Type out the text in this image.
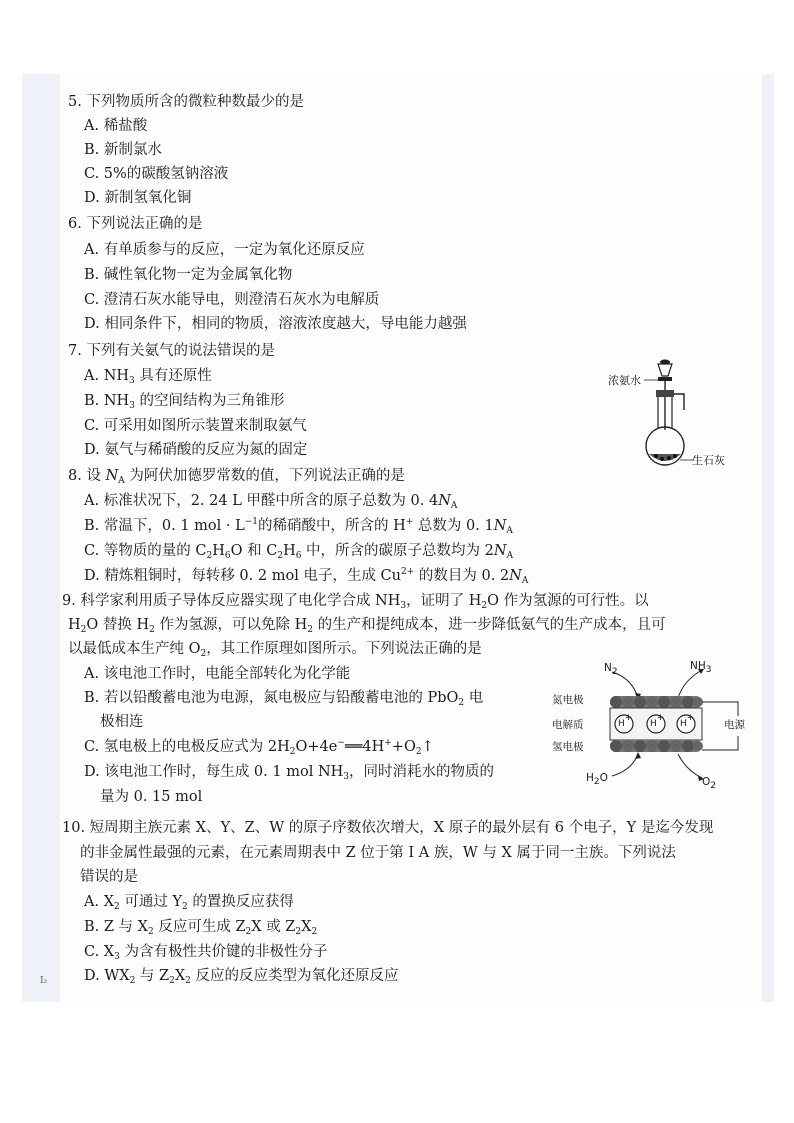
5. 下列物质所含的微粒种数最少的是
A. 稀盐酸
B. 新制氯水
C. 5%的碳酸氢钠溶液
D. 新制氢氧化铜
6. 下列说法正确的是
A. 有单质参与的反应，一定为氧化还原反应
B. 碱性氧化物一定为金属氧化物
C. 澄清石灰水能导电，则澄清石灰水为电解质
D. 相同条件下，相同的物质，溶液浓度越大，导电能力越强
7. 下列有关氨气的说法错误的是
A. $NH_3$ 具有还原性
B. $NH_3$ 的空间结构为三角锥形
C. 可采用如图所示装置来制取氨气
D. 氨气与稀硝酸的反应为氮的固定
浓氨水
生石灰
8. 设 $N_A$ 为阿伏加德罗常数的值，下列说法正确的是
A. 标准状况下，2. 24 L 甲醛中所含的原子总数为 0. $4N_A$
B. 常温下，0. 1 mol · $L^{-1}$的稀硝酸中，所含的 H+ 总数为 0. $1N_A$
C. 等物质的量的 $C_2H_6O$ 和 $C_2H_6$ 中，所含的碳原子总数均为 $2N_A$
D. 精炼粗铜时，每转移 0. 2 mol 电子，生成 $Cu^{2+}$ 的数目为 0. $2N_A$
9. 科学家利用质子导体反应器实现了电化学合成 $NH_3$，证明了 $H_2O$ 作为氢源的可行性。以
$H_2O$ 替换 $H_2$ 作为氢源，可以免除 $H_2$ 的生产和提纯成本，进一步降低氨气的生产成本，且可
以最低成本生产纯 $O_2$，其工作原理如图所示。下列说法正确的是
A. 该电池工作时，电能全部转化为化学能
B. 若以铅酸蓄电池为电源，氮电极应与铅酸蓄电池的 PbO$_2$ 电
极相连
C. 氢电极上的电极反应式为 $2H_2O+4e^-══4H^++O_2↑$
D. 该电池工作时，每生成 0. 1 mol $NH_3$，同时消耗水的物质的
量为 0. 15 mol
$N_2$	$NH_3$
氮电极
电解质
氢电极
电源
H+
H+
H+
$H_2O$	$O_2$
10. 短周期主族元素 X、Y、Z、W 的原子序数依次增大，X 原子的最外层有 6 个电子，Y 是迄今发现
的非金属性最强的元素，在元素周期表中 Z 位于第 Ⅰ A 族，W 与 X 属于同一主族。下列说法
错误的是
A. $X_2$ 可通过 $Y_2$ 的置换反应获得
B. Z 与 $X_2$ 反应可生成 $Z_2X$ 或 $Z_2X_2$
C. $X_3$ 为含有极性共价键的非极性分子
D. $WX_2$ 与 $Z_2X_2$ 反应的反应类型为氧化还原反应
I₂
